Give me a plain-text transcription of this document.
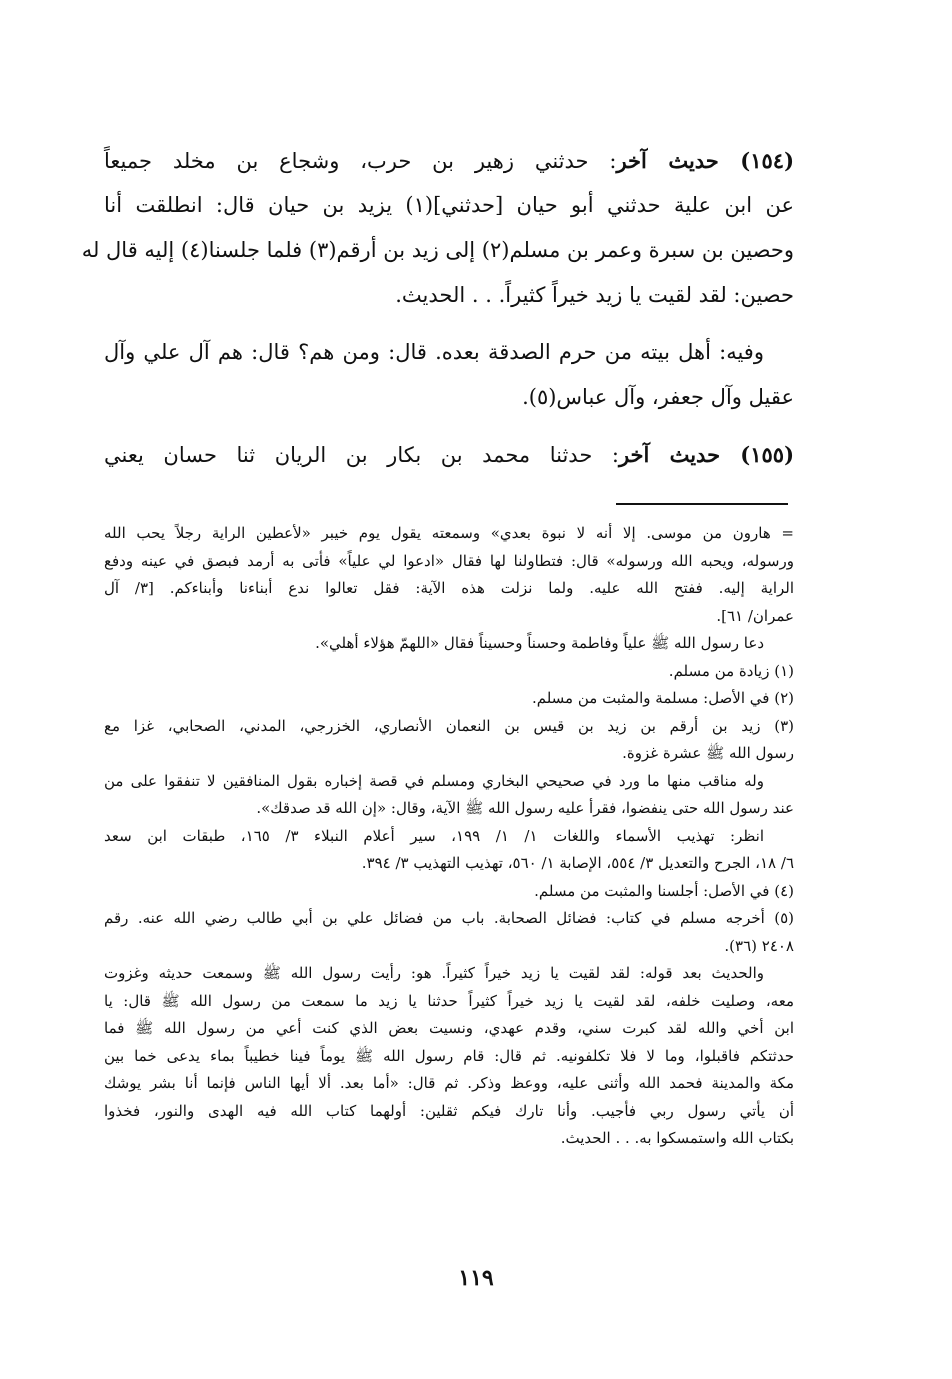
(١٥٤) حديث آخر: حدثني زهير بن حرب، وشجاع بن مخلد جميعاً
عن ابن علية حدثني أبو حيان [حدثني](١) يزيد بن حيان قال: انطلقت أنا
وحصين بن سبرة وعمر بن مسلم(٢) إلى زيد بن أرقم(٣) فلما جلسنا(٤) إليه قال له
حصين: لقد لقيت يا زيد خيراً كثيراً. . . الحديث.
وفيه: أهل بيته من حرم الصدقة بعده. قال: ومن هم؟ قال: هم آل علي وآل
عقيل وآل جعفر، وآل عباس(٥).
(١٥٥) حديث آخر: حدثنا محمد بن بكار بن الريان ثنا حسان يعني
= هارون من موسى. إلا أنه لا نبوة بعدي» وسمعته يقول يوم خيبر «لأعطين الراية رجلاً يحب الله
ورسوله، ويحبه الله ورسوله» قال: فتطاولنا لها فقال «ادعوا لي علياً» فأتى به أرمد فبصق في عينه ودفع
الراية إليه. ففتح الله عليه. ولما نزلت هذه الآية: فقل تعالوا ندع أبناءنا وأبناءكم. [٣/ آل
عمران/ ٦١].
دعا رسول الله ﷺ علياً وفاطمة وحسناً وحسيناً فقال «اللهمّ هؤلاء أهلي».
(١) زيادة من مسلم.
(٢) في الأصل: مسلمة والمثبت من مسلم.
(٣) زيد بن أرقم بن زيد بن قيس بن النعمان الأنصاري، الخزرجي، المدني، الصحابي، غزا مع
رسول الله ﷺ عشرة غزوة.
وله مناقب منها ما ورد في صحيحي البخاري ومسلم في قصة إخباره بقول المنافقين لا تنفقوا على من
عند رسول الله حتى ينفضوا، فقرأ عليه رسول الله ﷺ الآية، وقال: «إن الله قد صدقك».
انظر: تهذيب الأسماء واللغات ١/ ١/ ١٩٩، سير أعلام النبلاء ٣/ ١٦٥، طبقات ابن سعد
٦/ ١٨، الجرح والتعديل ٣/ ٥٥٤، الإصابة ١/ ٥٦٠، تهذيب التهذيب ٣/ ٣٩٤.
(٤) في الأصل: أجلسنا والمثبت من مسلم.
(٥) أخرجه مسلم في كتاب: فضائل الصحابة. باب من فضائل علي بن أبي طالب رضي الله عنه. رقم
٢٤٠٨ (٣٦).
والحديث بعد قوله: لقد لقيت يا زيد خيراً كثيراً. هو: رأيت رسول الله ﷺ وسمعت حديثه وغزوت
معه، وصليت خلفه، لقد لقيت يا زيد خيراً كثيراً حدثنا يا زيد ما سمعت من رسول الله ﷺ قال: يا
ابن أخي والله لقد كبرت سني، وقدم عهدي، ونسيت بعض الذي كنت أعي من رسول الله ﷺ فما
حدثتكم فاقبلوا، وما لا فلا تكلفونيه. ثم قال: قام رسول الله ﷺ يوماً فينا خطيباً بماء يدعى خما بين
مكة والمدينة فحمد الله وأثنى عليه، ووعظ وذكر. ثم قال: «أما بعد. ألا أيها الناس فإنما أنا بشر يوشك
أن يأتي رسول ربي فأجيب. وأنا تارك فيكم ثقلين: أولهما كتاب الله فيه الهدى والنور، فخذوا
بكتاب الله واستمسكوا به. . . الحديث.
١١٩
